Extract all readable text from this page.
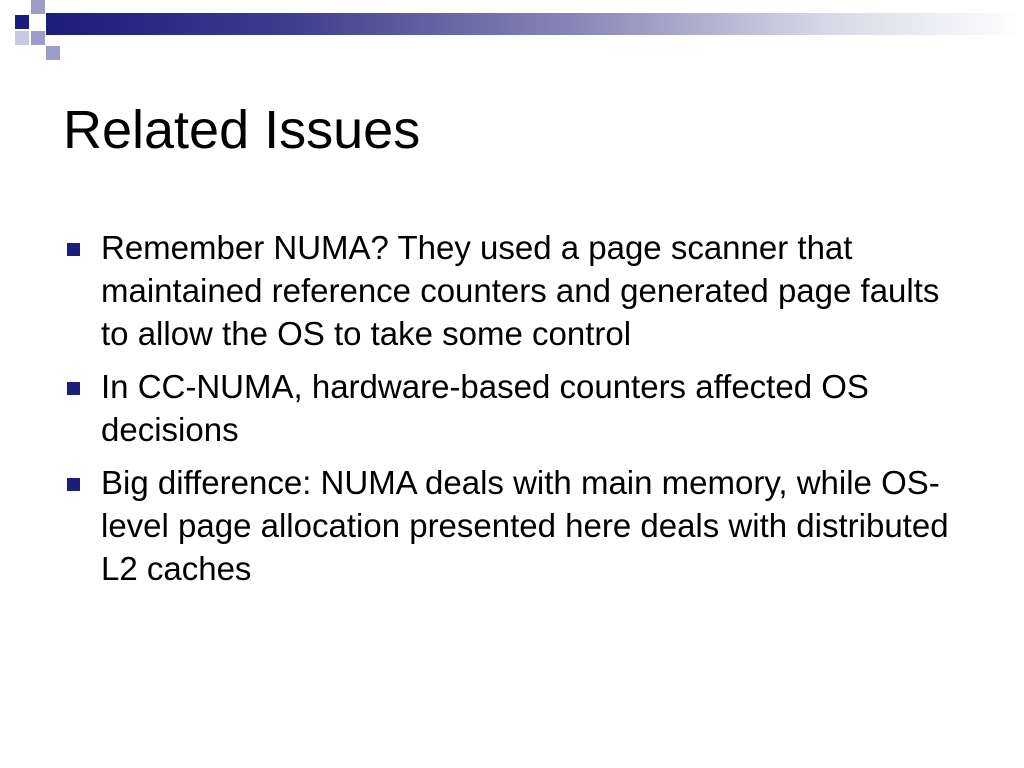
Related Issues
Remember NUMA? They used a page scanner that maintained reference counters and generated page faults to allow the OS to take some control
In CC-NUMA, hardware-based counters affected OS decisions
Big difference: NUMA deals with main memory, while OS-level page allocation presented here deals with distributed L2 caches
